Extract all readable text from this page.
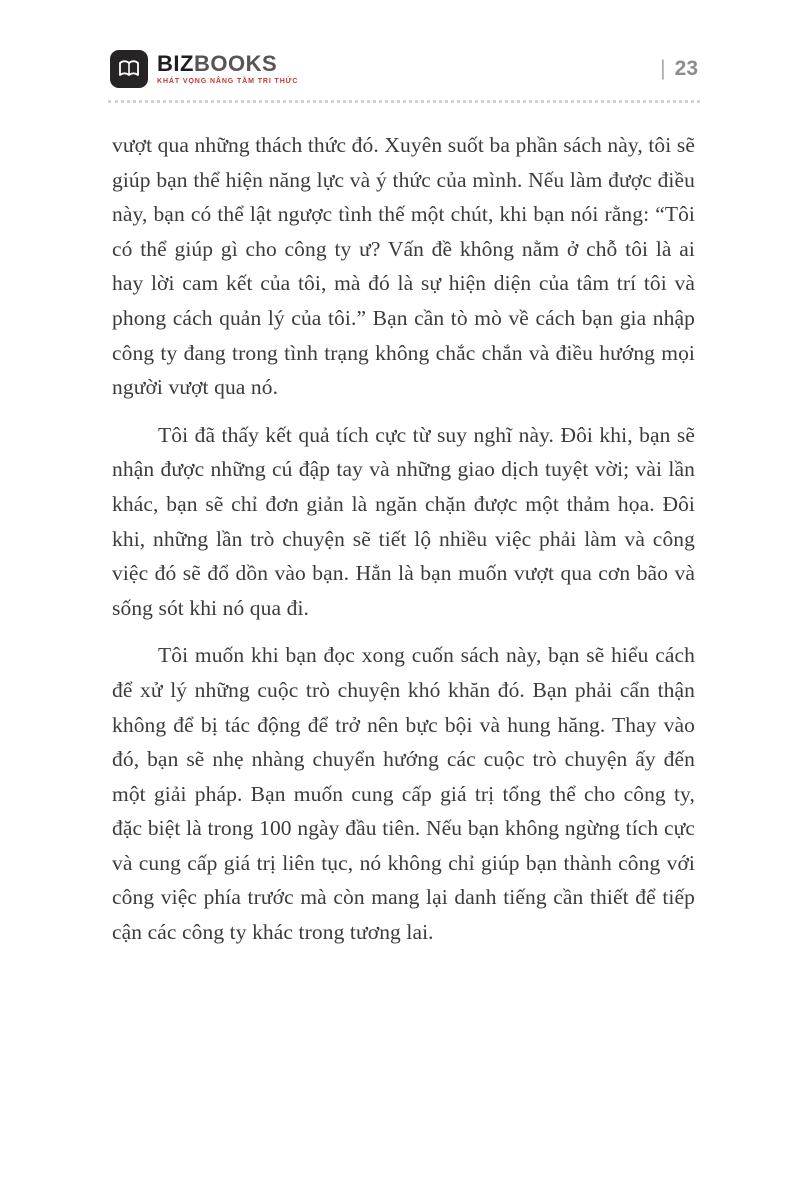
BIZ BOOKS
KHÁT VỌNG NÂNG TẦM TRI THỨC
| 23

vượt qua những thách thức đó. Xuyên suốt ba phần sách này, tôi sẽ giúp bạn thể hiện năng lực và ý thức của mình. Nếu làm được điều này, bạn có thể lật ngược tình thế một chút, khi bạn nói rằng: “Tôi có thể giúp gì cho công ty ư? Vấn đề không nằm ở chỗ tôi là ai hay lời cam kết của tôi, mà đó là sự hiện diện của tâm trí tôi và phong cách quản lý của tôi.” Bạn cần tò mò về cách bạn gia nhập công ty đang trong tình trạng không chắc chắn và điều hướng mọi người vượt qua nó.

Tôi đã thấy kết quả tích cực từ suy nghĩ này. Đôi khi, bạn sẽ nhận được những cú đập tay và những giao dịch tuyệt vời; vài lần khác, bạn sẽ chỉ đơn giản là ngăn chặn được một thảm họa. Đôi khi, những lần trò chuyện sẽ tiết lộ nhiều việc phải làm và công việc đó sẽ đổ dồn vào bạn. Hẳn là bạn muốn vượt qua cơn bão và sống sót khi nó qua đi.

Tôi muốn khi bạn đọc xong cuốn sách này, bạn sẽ hiểu cách để xử lý những cuộc trò chuyện khó khăn đó. Bạn phải cẩn thận không để bị tác động để trở nên bực bội và hung hăng. Thay vào đó, bạn sẽ nhẹ nhàng chuyển hướng các cuộc trò chuyện ấy đến một giải pháp. Bạn muốn cung cấp giá trị tổng thể cho công ty, đặc biệt là trong 100 ngày đầu tiên. Nếu bạn không ngừng tích cực và cung cấp giá trị liên tục, nó không chỉ giúp bạn thành công với công việc phía trước mà còn mang lại danh tiếng cần thiết để tiếp cận các công ty khác trong tương lai.
